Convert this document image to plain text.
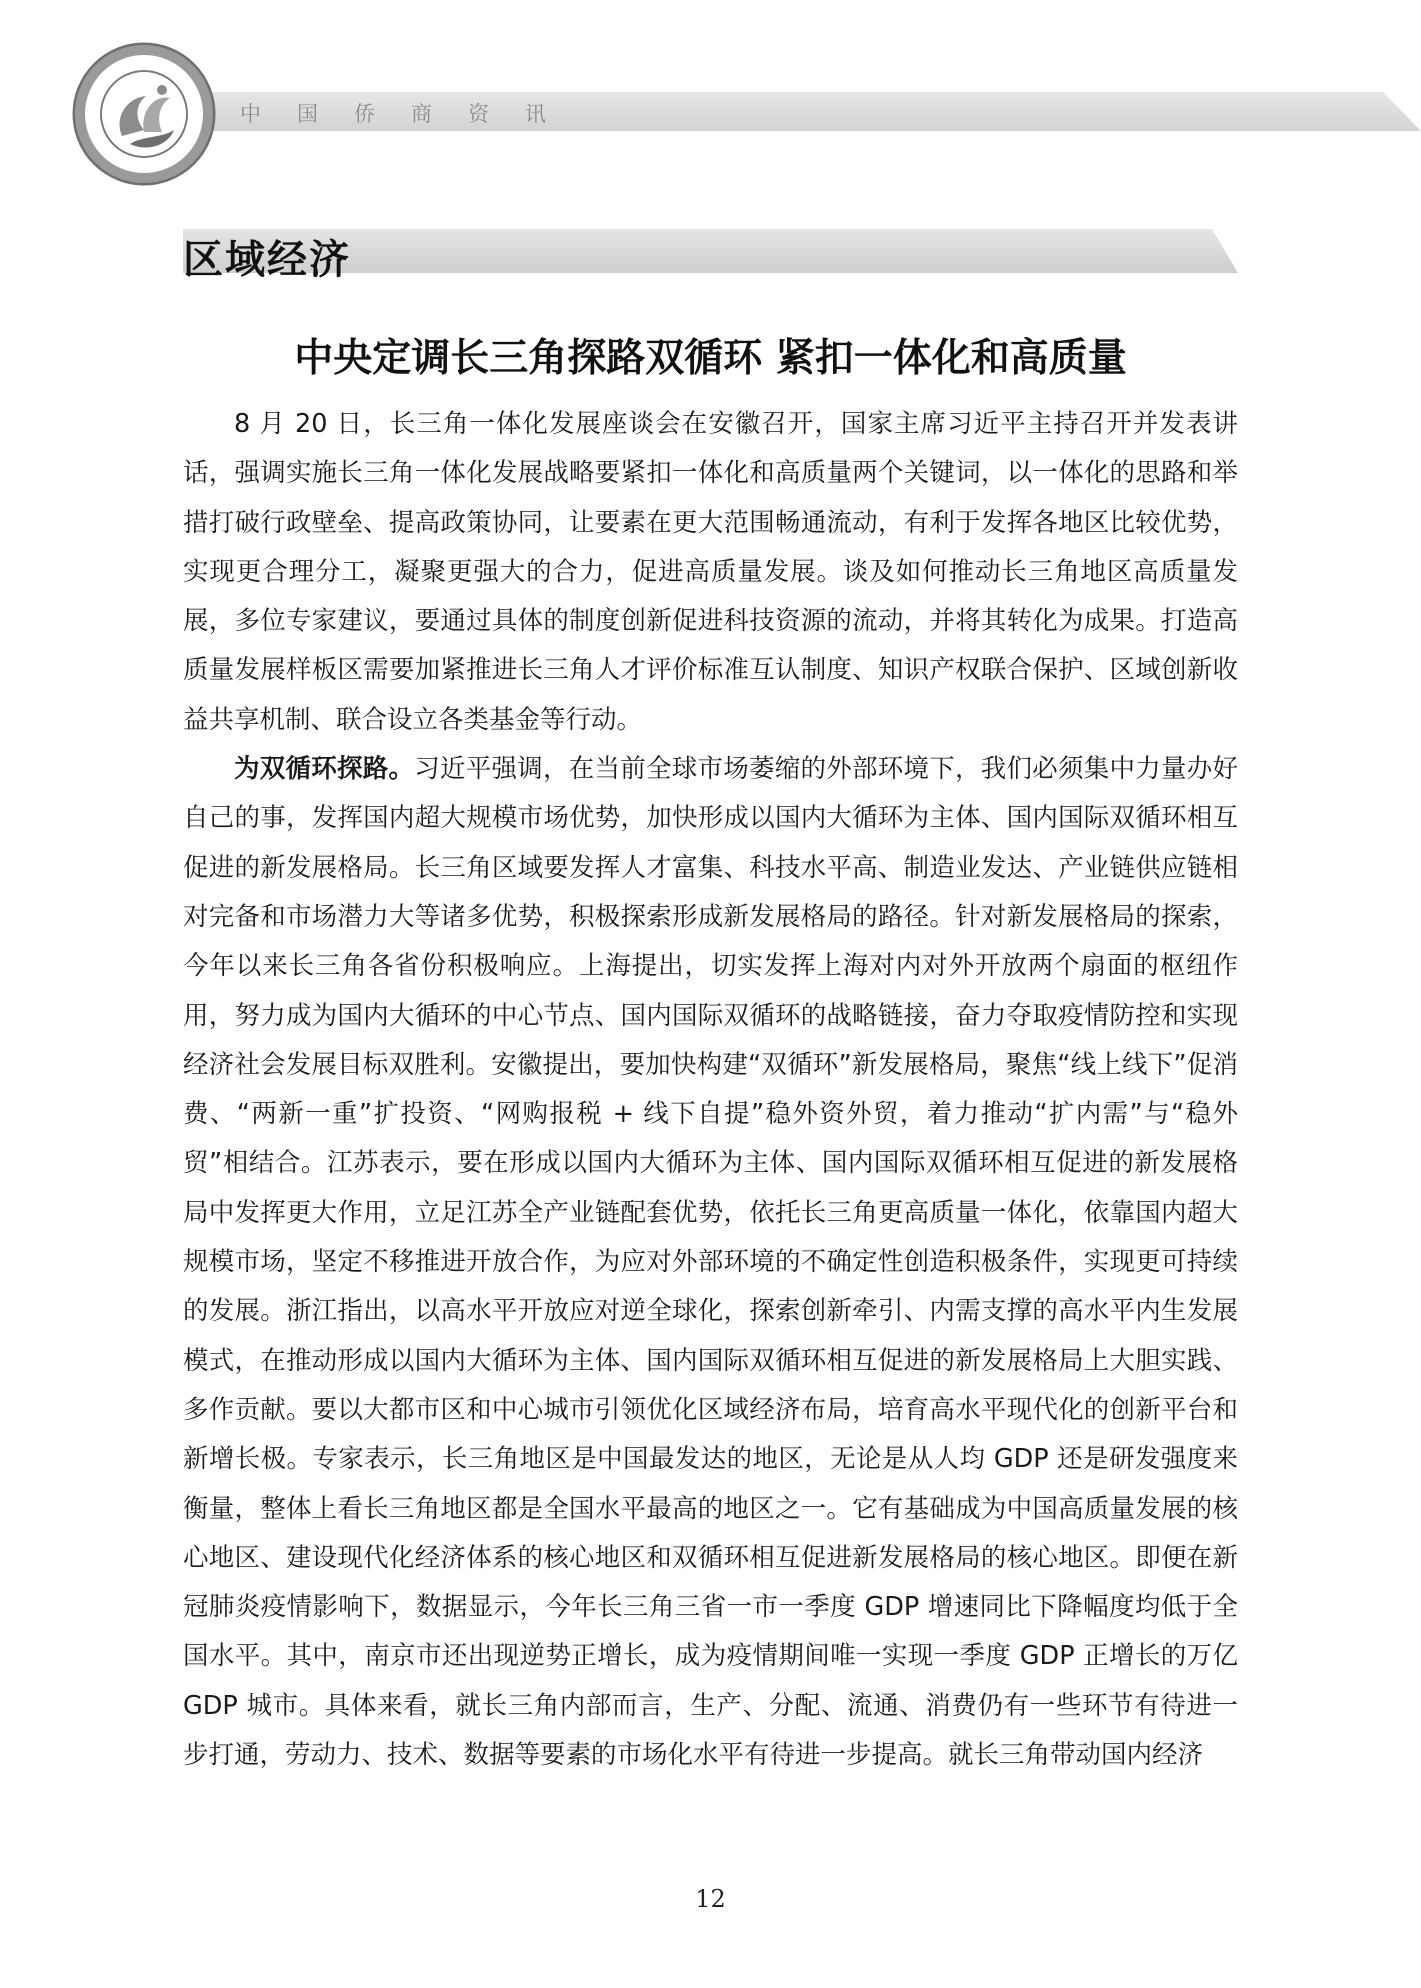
中国侨商资讯
区域经济
中央定调长三角探路双循环 紧扣一体化和高质量

8 月 20 日，长三角一体化发展座谈会在安徽召开，国家主席习近平主持召开并发表讲话，强调实施长三角一体化发展战略要紧扣一体化和高质量两个关键词，以一体化的思路和举措打破行政壁垒、提高政策协同，让要素在更大范围畅通流动，有利于发挥各地区比较优势，实现更合理分工，凝聚更强大的合力，促进高质量发展。谈及如何推动长三角地区高质量发展，多位专家建议，要通过具体的制度创新促进科技资源的流动，并将其转化为成果。打造高质量发展样板区需要加紧推进长三角人才评价标准互认制度、知识产权联合保护、区域创新收益共享机制、联合设立各类基金等行动。

为双循环探路。习近平强调，在当前全球市场萎缩的外部环境下，我们必须集中力量办好自己的事，发挥国内超大规模市场优势，加快形成以国内大循环为主体、国内国际双循环相互促进的新发展格局。长三角区域要发挥人才富集、科技水平高、制造业发达、产业链供应链相对完备和市场潜力大等诸多优势，积极探索形成新发展格局的路径。针对新发展格局的探索，今年以来长三角各省份积极响应。上海提出，切实发挥上海对内对外开放两个扇面的枢纽作用，努力成为国内大循环的中心节点、国内国际双循环的战略链接，奋力夺取疫情防控和实现经济社会发展目标双胜利。安徽提出，要加快构建“双循环”新发展格局，聚焦“线上线下”促消费、“两新一重”扩投资、“网购报税 + 线下自提”稳外资外贸，着力推动“扩内需”与“稳外贸”相结合。江苏表示，要在形成以国内大循环为主体、国内国际双循环相互促进的新发展格局中发挥更大作用，立足江苏全产业链配套优势，依托长三角更高质量一体化，依靠国内超大规模市场，坚定不移推进开放合作，为应对外部环境的不确定性创造积极条件，实现更可持续的发展。浙江指出，以高水平开放应对逆全球化，探索创新牵引、内需支撑的高水平内生发展模式，在推动形成以国内大循环为主体、国内国际双循环相互促进的新发展格局上大胆实践、多作贡献。要以大都市区和中心城市引领优化区域经济布局，培育高水平现代化的创新平台和新增长极。专家表示，长三角地区是中国最发达的地区，无论是从人均 GDP 还是研发强度来衡量，整体上看长三角地区都是全国水平最高的地区之一。它有基础成为中国高质量发展的核心地区、建设现代化经济体系的核心地区和双循环相互促进新发展格局的核心地区。即便在新冠肺炎疫情影响下，数据显示，今年长三角三省一市一季度 GDP 增速同比下降幅度均低于全国水平。其中，南京市还出现逆势正增长，成为疫情期间唯一实现一季度 GDP 正增长的万亿 GDP 城市。具体来看，就长三角内部而言，生产、分配、流通、消费仍有一些环节有待进一步打通，劳动力、技术、数据等要素的市场化水平有待进一步提高。就长三角带动国内经济

12
